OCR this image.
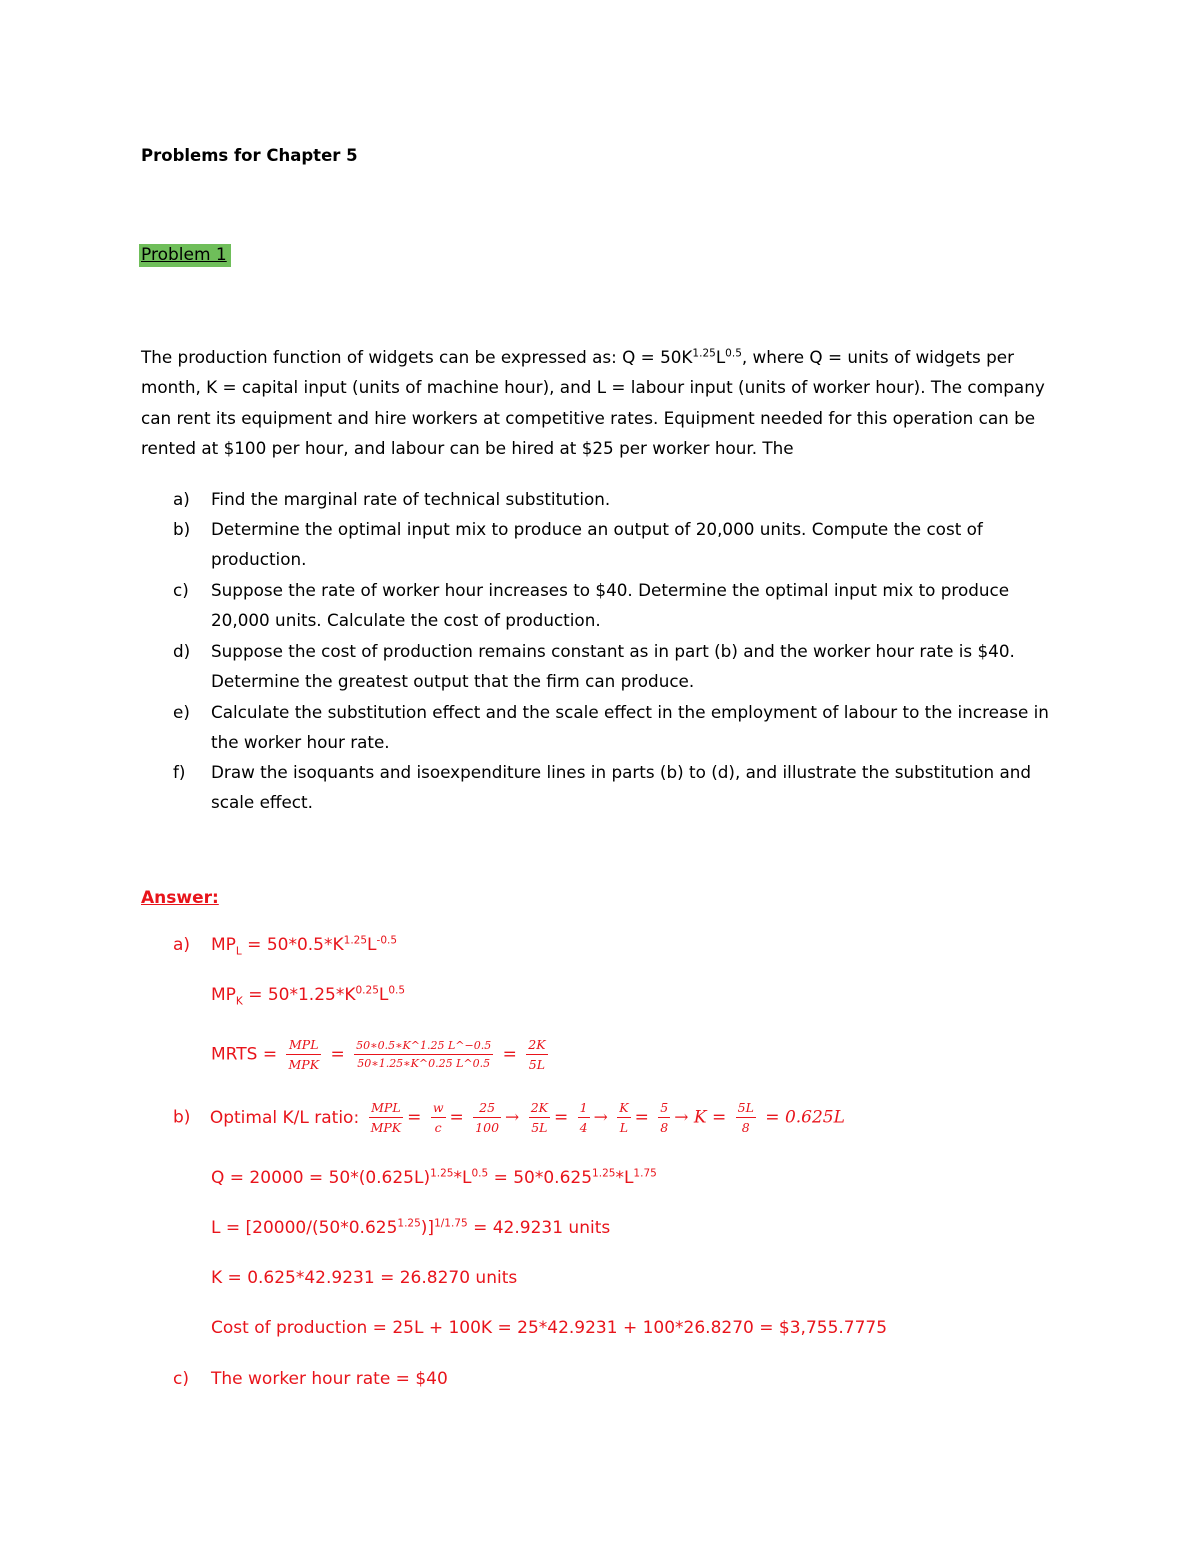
Problems for Chapter 5
Problem 1
The production function of widgets can be expressed as: $Q = 50K^{1.25}L^{0.5}$, where Q = units of widgets per month, K = capital input (units of machine hour), and L = labour input (units of worker hour). The company can rent its equipment and hire workers at competitive rates. Equipment needed for this operation can be rented at $100 per hour, and labour can be hired at $25 per worker hour. The
a) Find the marginal rate of technical substitution.
b) Determine the optimal input mix to produce an output of 20,000 units. Compute the cost of production.
c) Suppose the rate of worker hour increases to $40. Determine the optimal input mix to produce 20,000 units. Calculate the cost of production.
d) Suppose the cost of production remains constant as in part (b) and the worker hour rate is $40. Determine the greatest output that the firm can produce.
e) Calculate the substitution effect and the scale effect in the employment of labour to the increase in the worker hour rate.
f) Draw the isoquants and isoexpenditure lines in parts (b) to (d), and illustrate the substitution and scale effect.
Answer:
a) $MP_L = 50*0.5*K^{1.25}L^{-0.5}$
$MP_K = 50*1.25*K^{0.25}L^{0.5}$
MRTS = $\frac{\text{MPL}}{\text{MPK}} = \frac{50∗0.5∗K\^{}1.25 L\^{}-0.5}{50∗1.25∗K\^{}0.25 L\^{}0.5} = \frac{2K}{5L}$
b) Optimal K/L ratio: $\frac{\text{MPL}}{\text{MPK}} = \frac{w}{c} = \frac{25}{100} \to \frac{2K}{5L} = \frac{1}{4} \to \frac{K}{L} = \frac{5}{8} \to K = \frac{5L}{8} = 0.625L$
$Q = 20000 = 50*(0.625L)^{1.25}*L^{0.5} = 50*0.625^{1.25}*L^{1.75}$
$L = [20000/(50*0.625^{1.25})]^{1/1.75} = 42.9231$ units
K = 0.625*42.9231 = 26.8270 units
Cost of production = 25L + 100K = 25*42.9231 + 100*26.8270 = $3,755.7775
c) The worker hour rate = $40
